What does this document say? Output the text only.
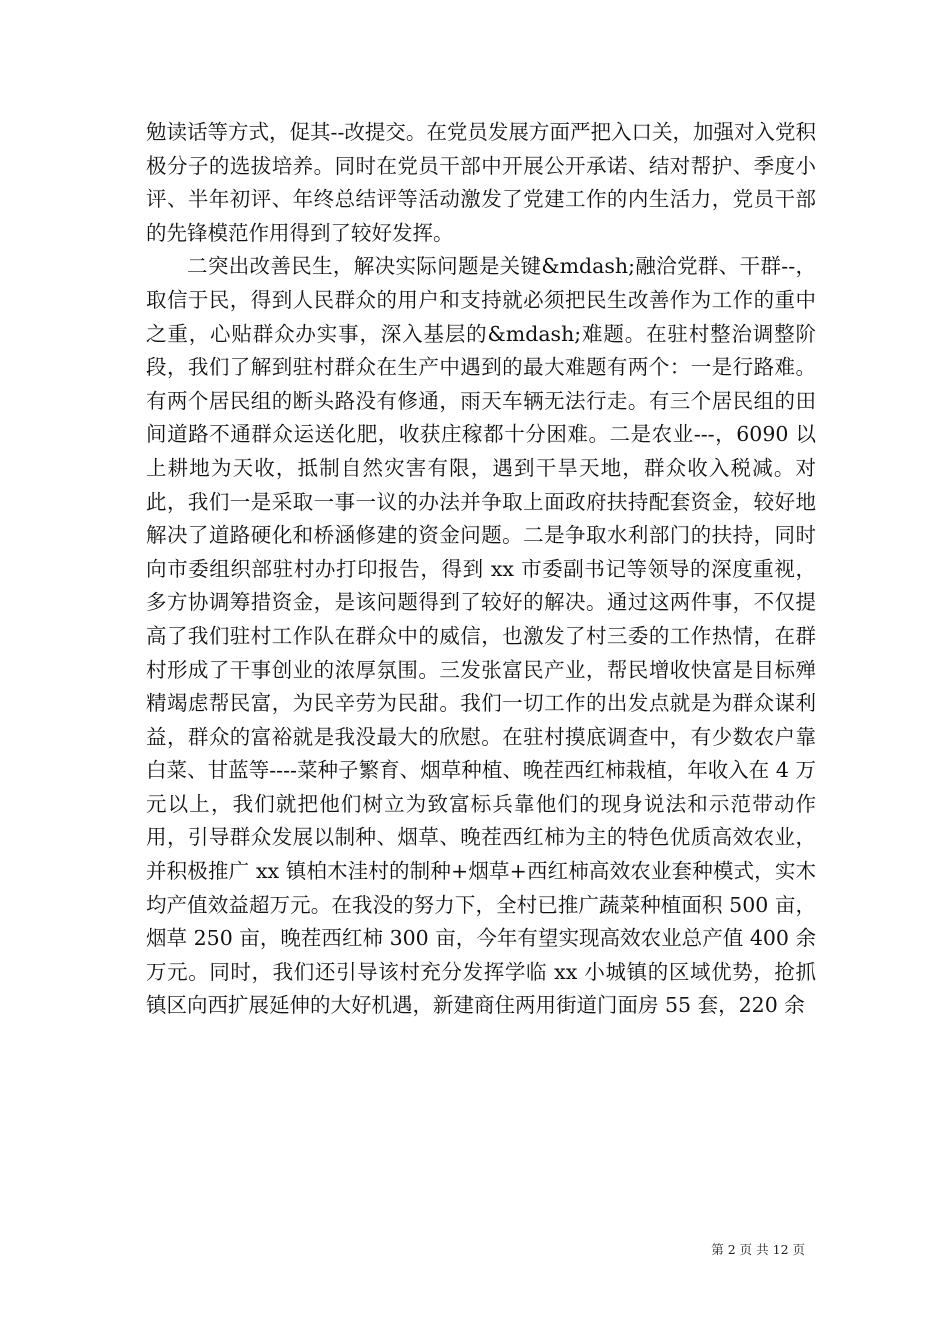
勉读话等方式，促其--改提交。在党员发展方面严把入口关，加强对入党积极分子的选拔培养。同时在党员干部中开展公开承诺、结对帮护、季度小评、半年初评、年终总结评等活动激发了党建工作的内生活力，党员干部的先锋模范作用得到了较好发挥。

二突出改善民生，解决实际问题是关键&mdash;融洽党群、干群--，取信于民，得到人民群众的用户和支持就必须把民生改善作为工作的重中之重，心贴群众办实事，深入基层的&mdash;难题。在驻村整治调整阶段，我们了解到驻村群众在生产中遇到的最大难题有两个：一是行路难。有两个居民组的断头路没有修通，雨天车辆无法行走。有三个居民组的田间道路不通群众运送化肥，收获庄稼都十分困难。二是农业---，6090 以上耕地为天收，抵制自然灾害有限，遇到干旱天地，群众收入税减。对此，我们一是采取一事一议的办法并争取上面政府扶持配套资金，较好地解决了道路硬化和桥涵修建的资金问题。二是争取水利部门的扶持，同时向市委组织部驻村办打印报告，得到 xx 市委副书记等领导的深度重视，多方协调筹措资金，是该问题得到了较好的解决。通过这两件事，不仅提高了我们驻村工作队在群众中的威信，也激发了村三委的工作热情，在群村形成了干事创业的浓厚氛围。三发张富民产业，帮民增收快富是目标殚精竭虑帮民富，为民辛劳为民甜。我们一切工作的出发点就是为群众谋利益，群众的富裕就是我没最大的欣慰。在驻村摸底调查中，有少数农户靠白菜、甘蓝等----菜种子繁育、烟草种植、晚茬西红柿栽植，年收入在 4 万元以上，我们就把他们树立为致富标兵靠他们的现身说法和示范带动作用，引导群众发展以制种、烟草、晚茬西红柿为主的特色优质高效农业，并积极推广 xx 镇柏木洼村的制种+烟草+西红柿高效农业套种模式，实木均产值效益超万元。在我没的努力下，全村已推广蔬菜种植面积 500 亩，烟草 250 亩，晚茬西红柿 300 亩，今年有望实现高效农业总产值 400 余万元。同时，我们还引导该村充分发挥学临 xx 小城镇的区域优势，抢抓镇区向西扩展延伸的大好机遇，新建商住两用街道门面房 55 套，220 余

第 2 页 共 12 页
